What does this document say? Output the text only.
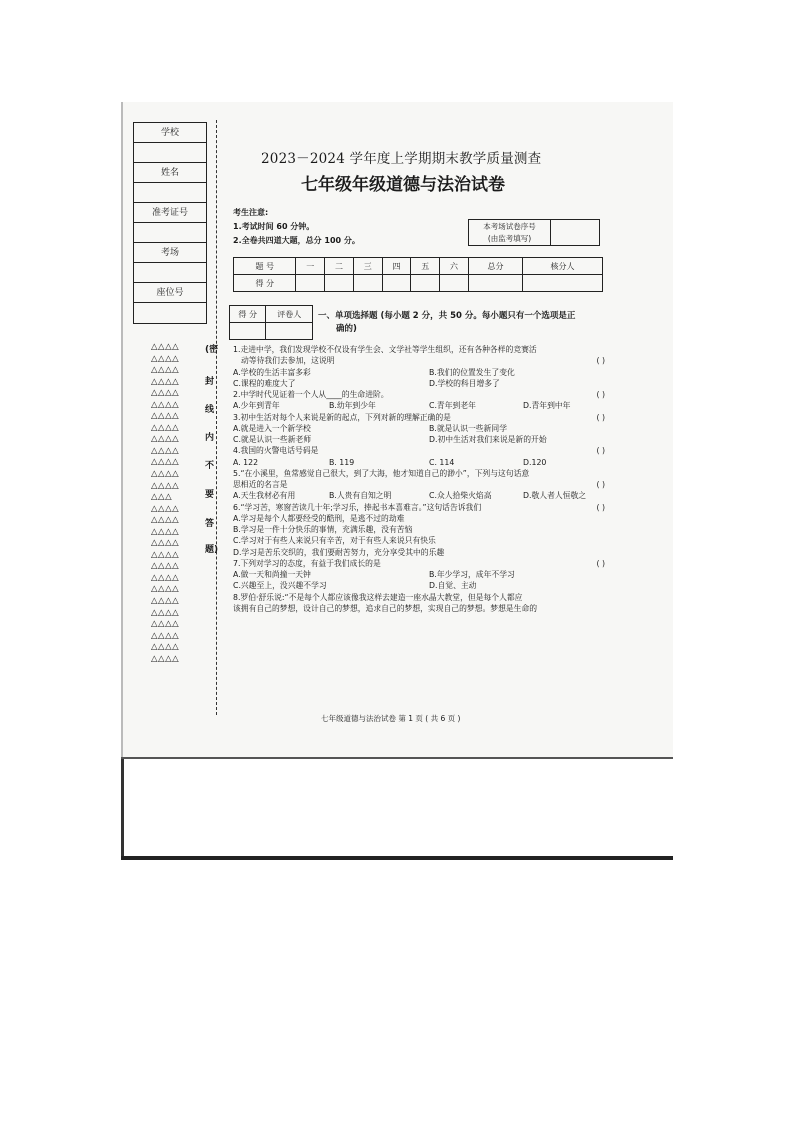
学校
姓名
准考证号
考场
座位号
△△△△
△△△△
△△△△
△△△△
△△△△
△△△△
△△△△
△△△△
△△△△
△△△△
△△△△
△△△△
△△△△
△△△
△△△△
△△△△
△△△△
△△△△
△△△△
△△△△
△△△△
△△△△
△△△△
△△△△
△△△△
△△△△
△△△△
△△△△
(密
封
线
内
不
要
答
题)
2023－2024 学年度上学期期末教学质量测查
七年级年级道德与法治试卷
考生注意:
1.考试时间 60 分钟。
2.全卷共四道大题，总分 100 分。
本考场试卷序号
(由监考填写)
题 号	一	二	三	四	五	六	总分	核分人
得 分								
得 分	评卷人
	一、单项选择题 (每小题 2 分，共 50 分。每小题只有一个选项是正
确的)
1.走进中学，我们发现学校不仅设有学生会、文学社等学生组织，还有各种各样的竞赛活
动等待我们去参加，这说明	( )
A.学校的生活丰富多彩	B.我们的位置发生了变化
C.课程的难度大了	D.学校的科目增多了
2.中学时代见证着一个人从____的生命进阶。	( )
A.少年到青年	B.幼年到少年	C.青年到老年	D.青年到中年
3.初中生活对每个人来说是新的起点，下列对新的理解正确的是	( )
A.就是进入一个新学校	B.就是认识一些新同学
C.就是认识一些新老师	D.初中生活对我们来说是新的开始
4.我国的火警电话号码是	( )
A. 122	B. 119	C. 114	D.120
5.“在小溪里，鱼常感觉自己很大，到了大海，他才知道自己的渺小”，下列与这句话意
思相近的名言是	( )
A.天生我材必有用	B.人贵有自知之明	C.众人拾柴火焰高	D.敬人者人恒敬之
6.“学习苦，寒窗苦读几十年;学习乐，捧起书本喜难言。”这句话告诉我们	( )
A.学习是每个人都要经受的酷刑，是逃不过的劫难
B.学习是一件十分快乐的事情，充满乐趣，没有苦恼
C.学习对于有些人来说只有辛苦，对于有些人来说只有快乐
D.学习是苦乐交织的，我们要耐苦努力，充分享受其中的乐趣
7.下列对学习的态度，有益于我们成长的是	( )
A.做一天和尚撞一天钟	B.年少学习，成年不学习
C.兴趣至上，没兴趣不学习	D.自觉、主动
8.罗伯·舒乐说:“不是每个人都应该像我这样去建造一座水晶大教堂，但是每个人都应
该拥有自己的梦想，设计自己的梦想，追求自己的梦想，实现自己的梦想。梦想是生命的
七年级道德与法治试卷 第 1 页 ( 共 6 页 )
